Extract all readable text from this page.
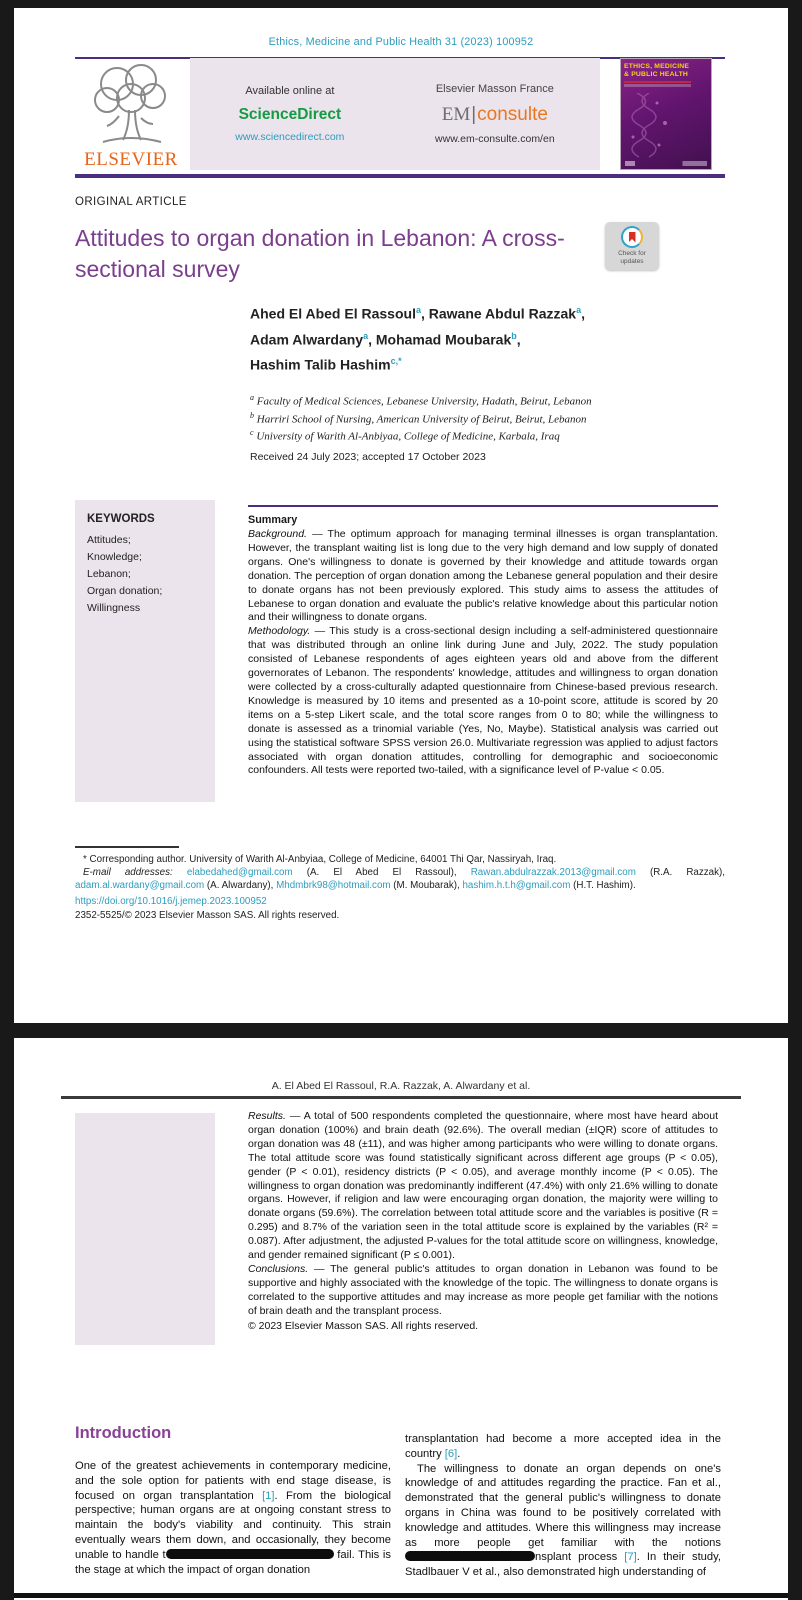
Ethics, Medicine and Public Health 31 (2023) 100952
ELSEVIER
Available online at
ScienceDirect
www.sciencedirect.com
Elsevier Masson France
EM|consulte
www.em-consulte.com/en
ETHICS, MEDICINE
& PUBLIC HEALTH
ORIGINAL ARTICLE
Attitudes to organ donation in Lebanon: A cross-sectional survey
Check for
updates
Ahed El Abed El Rassoul$^a$, Rawane Abdul Razzak$^a$,
Adam Alwardany$^a$, Mohamad Moubarak$^b$,
Hashim Talib Hashim$^{c,*}$
$^a$ Faculty of Medical Sciences, Lebanese University, Hadath, Beirut, Lebanon
$^b$ Harriri School of Nursing, American University of Beirut, Beirut, Lebanon
$^c$ University of Warith Al-Anbiyaa, College of Medicine, Karbala, Iraq
Received 24 July 2023; accepted 17 October 2023
KEYWORDS
Attitudes;
Knowledge;
Lebanon;
Organ donation;
Willingness
Summary
Background. — The optimum approach for managing terminal illnesses is organ transplantation. However, the transplant waiting list is long due to the very high demand and low supply of donated organs. One's willingness to donate is governed by their knowledge and attitude towards organ donation. The perception of organ donation among the Lebanese general population and their desire to donate organs has not been previously explored. This study aims to assess the attitudes of Lebanese to organ donation and evaluate the public's relative knowledge about this particular notion and their willingness to donate organs.
Methodology. — This study is a cross-sectional design including a self-administered questionnaire that was distributed through an online link during June and July, 2022. The study population consisted of Lebanese respondents of ages eighteen years old and above from the different governorates of Lebanon. The respondents' knowledge, attitudes and willingness to organ donation were collected by a cross-culturally adapted questionnaire from Chinese-based previous research. Knowledge is measured by 10 items and presented as a 10-point score, attitude is scored by 20 items on a 5-step Likert scale, and the total score ranges from 0 to 80; while the willingness to donate is assessed as a trinomial variable (Yes, No, Maybe). Statistical analysis was carried out using the statistical software SPSS version 26.0. Multivariate regression was applied to adjust factors associated with organ donation attitudes, controlling for demographic and socioeconomic confounders. All tests were reported two-tailed, with a significance level of P-value < 0.05.
* Corresponding author. University of Warith Al-Anbyiaa, College of Medicine, 64001 Thi Qar, Nassiryah, Iraq.
E-mail addresses: elabedahed@gmail.com (A. El Abed El Rassoul), Rawan.abdulrazzak.2013@gmail.com (R.A. Razzak), adam.al.wardany@gmail.com (A. Alwardany), Mhdmbrk98@hotmail.com (M. Moubarak), hashim.h.t.h@gmail.com (H.T. Hashim).
https://doi.org/10.1016/j.jemep.2023.100952
2352-5525/© 2023 Elsevier Masson SAS. All rights reserved.
A. El Abed El Rassoul, R.A. Razzak, A. Alwardany et al.
Results. — A total of 500 respondents completed the questionnaire, where most have heard about organ donation (100%) and brain death (92.6%). The overall median (±IQR) score of attitudes to organ donation was 48 (±11), and was higher among participants who were willing to donate organs. The total attitude score was found statistically significant across different age groups (P < 0.05), gender (P < 0.01), residency districts (P < 0.05), and average monthly income (P < 0.05). The willingness to organ donation was predominantly indifferent (47.4%) with only 21.6% willing to donate organs. However, if religion and law were encouraging organ donation, the majority were willing to donate organs (59.6%). The correlation between total attitude score and the variables is positive (R = 0.295) and 8.7% of the variation seen in the total attitude score is explained by the variables (R² = 0.087). After adjustment, the adjusted P-values for the total attitude score on willingness, knowledge, and gender remained significant (P ≤ 0.001).
Conclusions. — The general public's attitudes to organ donation in Lebanon was found to be supportive and highly associated with the knowledge of the topic. The willingness to donate organs is correlated to the supportive attitudes and may increase as more people get familiar with the notions of brain death and the transplant process.
© 2023 Elsevier Masson SAS. All rights reserved.
Introduction
One of the greatest achievements in contemporary medicine, and the sole option for patients with end stage disease, is focused on organ transplantation [1]. From the biological perspective; human organs are at ongoing constant stress to maintain the body's viability and continuity. This strain eventually wears them down, and occasionally, they become unable to handle t	fail. This is the stage at which the impact of organ donation
transplantation had become a more accepted idea in the country [6].
The willingness to donate an organ depends on one's knowledge of and attitudes regarding the practice. Fan et al., demonstrated that the general public's willingness to donate organs in China was found to be positively correlated with knowledge and attitudes. Where this willingness may increase as more people get familiar with the notions nsplant process [7]. In their study, Stadlbauer V et al., also demonstrated high understanding of
